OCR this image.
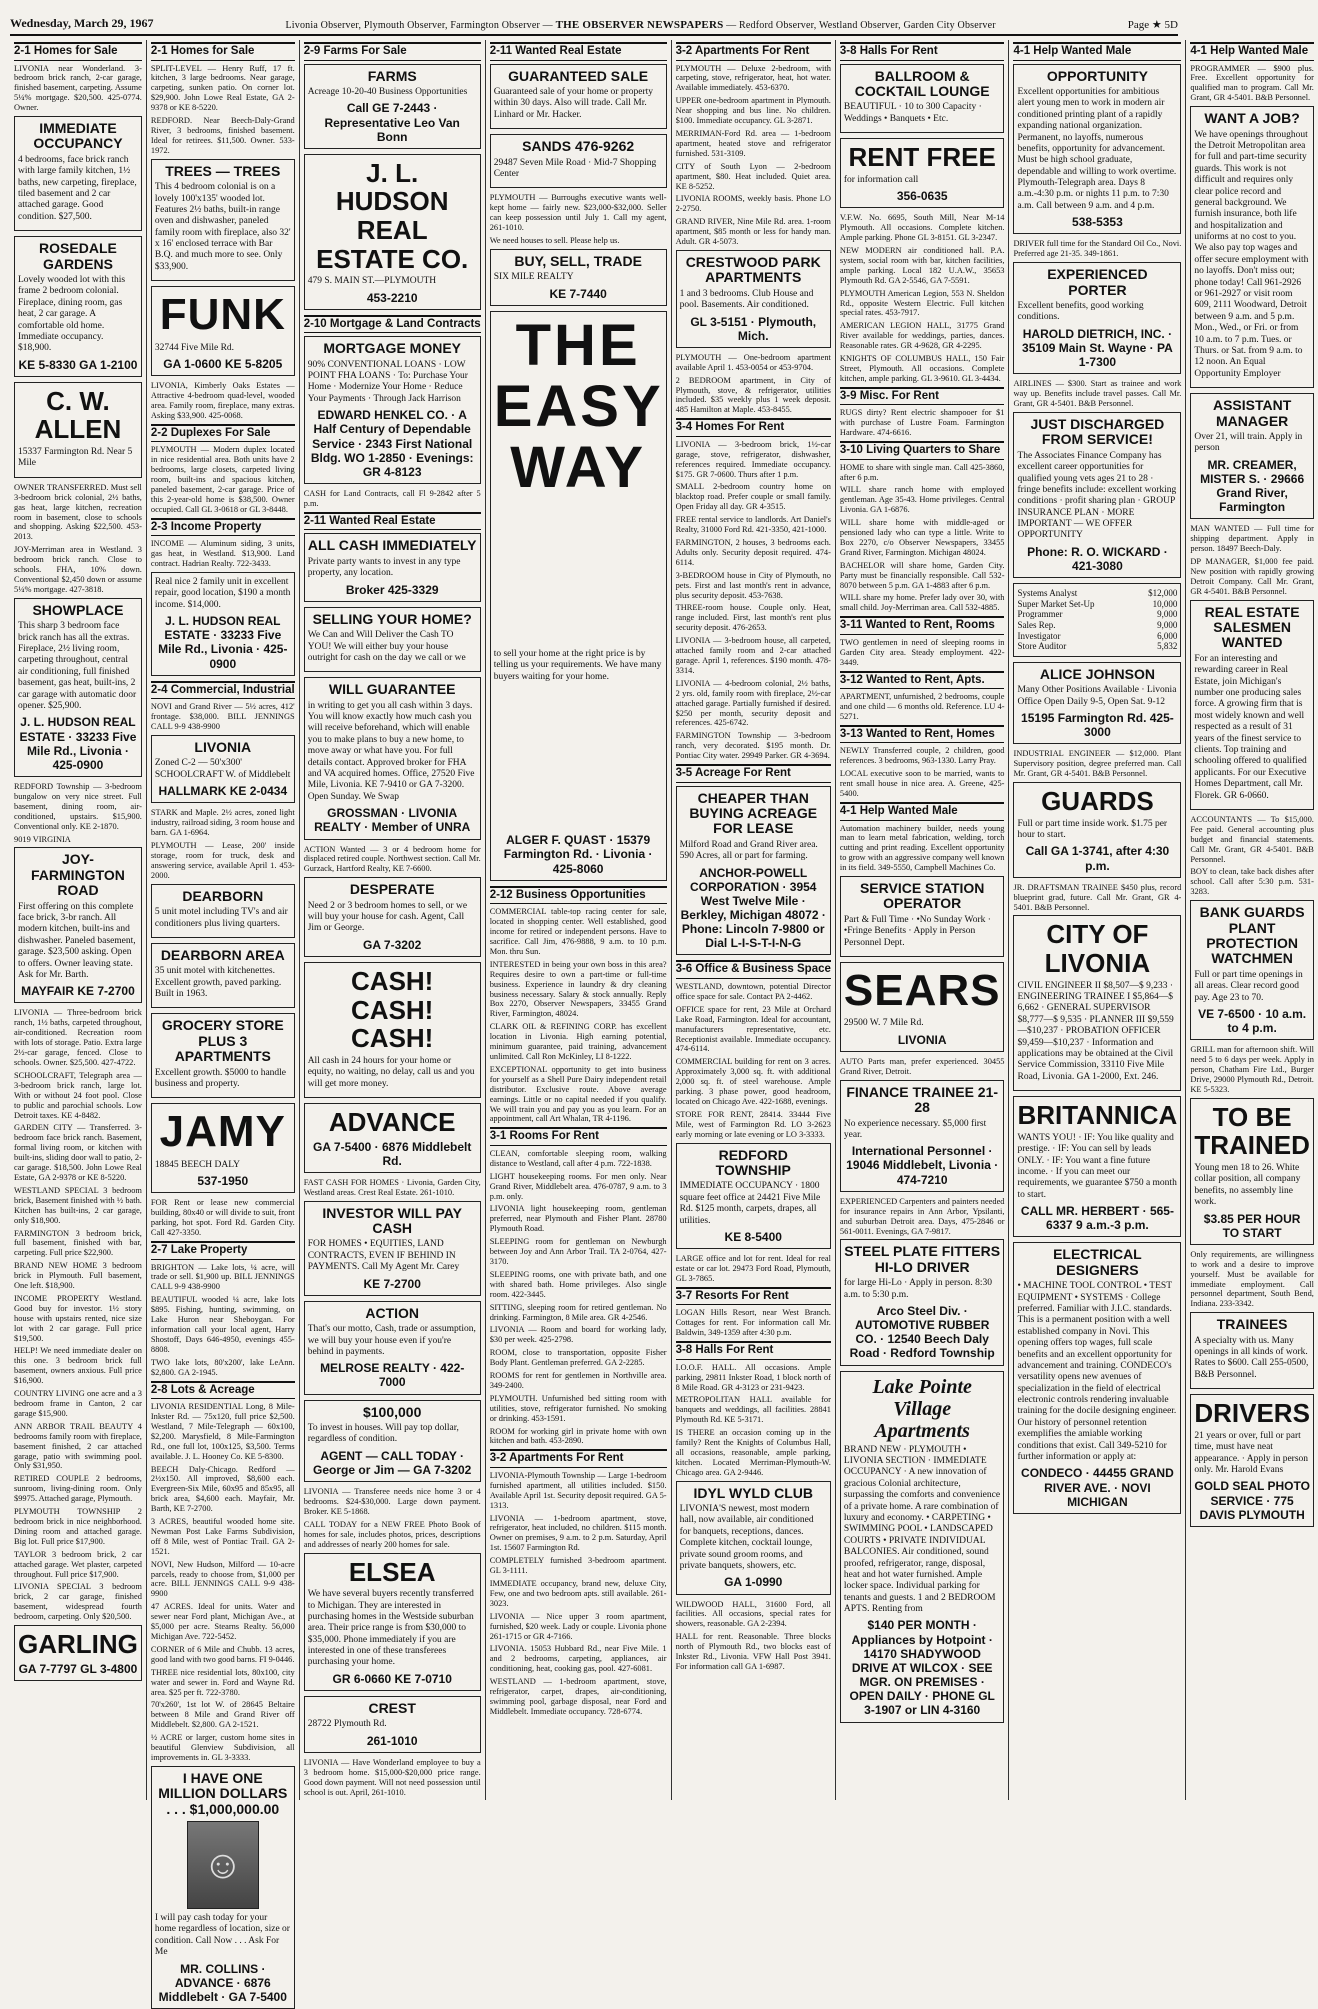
Wednesday, March 29, 1967	Livonia Observer, Plymouth Observer, Farmington Observer — THE OBSERVER NEWSPAPERS — Redford Observer, Westland Observer, Garden City Observer	Page ★ 5D
2-1 Homes for Sale

LIVONIA near Wonderland. 3-bedroom brick ranch, 2-car garage, finished basement, carpeting. Assume 5¼% mortgage. $20,500. 425-0774. Owner.

IMMEDIATE OCCUPANCY
4 bedrooms, face brick ranch with large family kitchen, 1½ baths, new carpeting, fireplace, tiled basement and 2 car attached garage. Good condition. $27,500.
ROSEDALE GARDENS
Lovely wooded lot with this frame 2 bedroom colonial. Fireplace, dining room, gas heat, 2 car garage. A comfortable old home. Immediate occupancy. $18,900.
KE 5-8330 GA 1-2100
C. W. ALLEN
15337 Farmington Rd. Near 5 Mile

OWNER TRANSFERRED. Must sell 3-bedroom brick colonial, 2½ baths, gas heat, large kitchen, recreation room in basement, close to schools and shopping. Asking $22,500. 453-2013.

JOY-Merriman area in Westland. 3 bedroom brick ranch. Close to schools. FHA, 10% down. Conventional $2,450 down or assume 5¼% mortgage. 427-3818.

SHOWPLACE
This sharp 3 bedroom face brick ranch has all the extras. Fireplace, 2½ living room, carpeting throughout, central air conditioning, full finished basement, gas heat, built-ins, 2 car garage with automatic door opener. $25,900.
J. L. HUDSON REAL ESTATE · 33233 Five Mile Rd., Livonia · 425-0900

REDFORD Township — 3-bedroom bungalow on very nice street. Full basement, dining room, air-conditioned, upstairs. $15,900. Conventional only. KE 2-1870.

9019 VIRGINIA

JOY-FARMINGTON ROAD
First offering on this complete face brick, 3-br ranch. All modern kitchen, built-ins and dishwasher. Paneled basement, garage. $23,500 asking. Open to offers. Owner leaving state. Ask for Mr. Barth.
MAYFAIR KE 7-2700

LIVONIA — Three-bedroom brick ranch, 1½ baths, carpeted throughout, air-conditioned. Recreation room with lots of storage. Patio. Extra large 2½-car garage, fenced. Close to schools. Owner. $25,500. 427-4722.

SCHOOLCRAFT, Telegraph area — 3-bedroom brick ranch, large lot. With or without 24 foot pool. Close to public and parochial schools. Low Detroit taxes. KE 4-8482.

GARDEN CITY — Transferred. 3-bedroom face brick ranch. Basement, formal living room, or kitchen with built-ins, sliding door wall to patio, 2-car garage. $18,500. John Lowe Real Estate, GA 2-9378 or KE 8-5220.

WESTLAND SPECIAL 3 bedroom brick, Basement finished with ½ bath. Kitchen has built-ins, 2 car garage, only $18,900.

FARMINGTON 3 bedroom brick, full basement, finished with bar, carpeting. Full price $22,900.

BRAND NEW HOME 3 bedroom brick in Plymouth. Full basement, One left. $18,900.

INCOME PROPERTY Westland. Good buy for investor. 1½ story house with upstairs rented, nice size lot with 2 car garage. Full price $19,500.

HELP! We need immediate dealer on this one. 3 bedroom brick full basement, owners anxious. Full price $16,900.

COUNTRY LIVING one acre and a 3 bedroom frame in Canton, 2 car garage $15,900.

ANN ARBOR TRAIL BEAUTY 4 bedrooms family room with fireplace, basement finished, 2 car attached garage, patio with swimming pool. Only $31,950.

RETIRED COUPLE 2 bedrooms, sunroom, living-dining room. Only $9975. Attached garage, Plymouth.

PLYMOUTH TOWNSHIP 2 bedroom brick in nice neighborhood. Dining room and attached garage. Big lot. Full price $17,900.

TAYLOR 3 bedroom brick, 2 car attached garage. Wet plaster, carpeted throughout. Full price $17,900.

LIVONIA SPECIAL 3 bedroom brick, 2 car garage, finished basement, widespread fourth bedroom, carpeting. Only $20,500.

GARLING
GA 7-7797 GL 3-4800
2-1 Homes for Sale

SPLIT-LEVEL — Henry Ruff, 17 ft. kitchen, 3 large bedrooms. Near garage, carpeting, sunken patio. On corner lot. $29,900. John Lowe Real Estate, GA 2-9378 or KE 8-5220.

REDFORD. Near Beech-Daly-Grand River, 3 bedrooms, finished basement. Ideal for retirees. $11,500. Owner. 533-1972.

TREES — TREES
This 4 bedroom colonial is on a lovely 100'x135' wooded lot. Features 2½ baths, built-in range oven and dishwasher, paneled family room with fireplace, also 32' x 16' enclosed terrace with Bar B.Q. and much more to see. Only $33,900.
FUNK
32744 Five Mile Rd.
GA 1-0600 KE 5-8205

LIVONIA, Kimberly Oaks Estates — Attractive 4-bedroom quad-level, wooded area. Family room, fireplace, many extras. Asking $33,900. 425-0068.

2-2 Duplexes For Sale

PLYMOUTH — Modern duplex located in nice residential area. Both units have 2 bedrooms, large closets, carpeted living room, built-ins and spacious kitchen, paneled basement, 2-car garage. Price of this 2-year-old home is $38,500. Owner occupied. Call GL 3-0618 or GL 3-8448.

2-3 Income Property

INCOME — Aluminum siding, 3 units, gas heat, in Westland. $13,900. Land contract. Hadrian Realty. 722-3433.

Real nice 2 family unit in excellent repair, good location, $190 a month income. $14,000.
J. L. HUDSON REAL ESTATE · 33233 Five Mile Rd., Livonia · 425-0900
2-4 Commercial, Industrial

NOVI and Grand River — 5½ acres, 412' frontage. $38,000. BILL JENNINGS CALL 9-9 438-9900

LIVONIA
Zoned C-2 — 50'x300' SCHOOLCRAFT W. of Middlebelt
HALLMARK KE 2-0434

STARK and Maple. 2½ acres, zoned light industry, railroad siding, 3 room house and barn. GA 1-6964.

PLYMOUTH — Lease, 200' inside storage, room for truck, desk and answering service, available April 1. 453-2000.

DEARBORN
5 unit motel including TV's and air conditioners plus living quarters.
DEARBORN AREA
35 unit motel with kitchenettes. Excellent growth, paved parking. Built in 1963.
GROCERY STORE PLUS 3 APARTMENTS
Excellent growth. $5000 to handle business and property.
JAMY
18845 BEECH DALY
537-1950

FOR Rent or lease new commercial building, 80x40 or will divide to suit, front parking, hot spot. Ford Rd. Garden City. Call 427-3350.

2-7 Lake Property

BRIGHTON — Lake lots, ¼ acre, will trade or sell. $1,900 up. BILL JENNINGS CALL 9-9 438-9900

BEAUTIFUL wooded ¼ acre, lake lots $895. Fishing, hunting, swimming, on Lake Huron near Sheboygan. For information call your local agent, Harry Shostoff, Days 646-4950, evenings 455-8808.

TWO lake lots, 80'x200', lake LeAnn. $2,800. GA 2-1945.

2-8 Lots & Acreage

LIVONIA RESIDENTIAL Long, 8 Mile-Inkster Rd. — 75x120, full price $2,500. Westland, 7 Mile-Telegraph — 60x100, $2,200. Marysfield, 8 Mile-Farmington Rd., one full lot, 100x125, $3,500. Terms available. J. L. Hooney Co. KE 5-8300.

BEECH Daly-Chicago. Redford — 2½x150. All improved, $8,600 each. Evergreen-Six Mile, 60x95 and 85x95, all brick area, $4,600 each. Mayfair, Mr. Barth, KE 7-2700.

3 ACRES, beautiful wooded home site. Newman Post Lake Farms Subdivision, off 8 Mile, west of Pontiac Trail. GA 2-1521.

NOVI, New Hudson, Milford — 10-acre parcels, ready to choose from, $1,000 per acre. BILL JENNINGS CALL 9-9 438-9900

47 ACRES. Ideal for units. Water and sewer near Ford plant, Michigan Ave., at $5,000 per acre. Stearns Realty. 56,000 Michigan Ave. 722-5452.

CORNER of 6 Mile and Chubb. 13 acres, good land with two good barns. FI 9-0446.

THREE nice residential lots, 80x100, city water and sewer in. Ford and Wayne Rd. area. $25 per ft. 722-3780.

70'x260', 1st lot W. of 28645 Beltaire between 8 Mile and Grand River off Middlebelt. $2,800. GA 2-1521.

½ ACRE or larger, custom home sites in beautiful Glenview Subdivision, all improvements in. GL 3-3333.

I HAVE ONE MILLION DOLLARS . . . $1,000,000.00
☺
I will pay cash today for your home regardless of location, size or condition. Call Now . . . Ask For Me
MR. COLLINS · ADVANCE · 6876 Middlebelt · GA 7-5400
2-9 Farms For Sale
FARMS
Acreage 10-20-40 Business Opportunities
Call GE 7-2443 · Representative Leo Van Bonn
J. L. HUDSON REAL ESTATE CO.
479 S. MAIN ST.—PLYMOUTH
453-2210
2-10 Mortgage & Land Contracts
MORTGAGE MONEY
90% CONVENTIONAL LOANS · LOW POINT FHA LOANS · To: Purchase Your Home · Modernize Your Home · Reduce Your Payments · Through Jack Harrison
EDWARD HENKEL CO. · A Half Century of Dependable Service · 2343 First National Bldg. WO 1-2850 · Evenings: GR 4-8123

CASH for Land Contracts, call Fl 9-2842 after 5 p.m.

2-11 Wanted Real Estate
ALL CASH IMMEDIATELY
Private party wants to invest in any type property, any location.
Broker 425-3329
SELLING YOUR HOME?
We Can and Will Deliver the Cash TO YOU! We will either buy your house outright for cash on the day we call or we
WILL GUARANTEE
in writing to get you all cash within 3 days. You will know exactly how much cash you will receive beforehand, which will enable you to make plans to buy a new home, to move away or what have you. For full details contact. Approved broker for FHA and VA acquired homes. Office, 27520 Five Mile, Livonia. KE 7-9410 or GA 7-3200. Open Sunday. We Swap
GROSSMAN · LIVONIA REALTY · Member of UNRA

ACTION Wanted — 3 or 4 bedroom home for displaced retired couple. Northwest section. Call Mr. Gurzack, Hartford Realty, KE 7-6600.

DESPERATE
Need 2 or 3 bedroom homes to sell, or we will buy your house for cash. Agent, Call Jim or George.
GA 7-3202
CASH! CASH! CASH!
All cash in 24 hours for your home or equity, no waiting, no delay, call us and you will get more money.
ADVANCE
GA 7-5400 · 6876 Middlebelt Rd.

FAST CASH FOR HOMES · Livonia, Garden City, Westland areas. Crest Real Estate. 261-1010.

INVESTOR WILL PAY CASH
FOR HOMES • EQUITIES, LAND CONTRACTS, EVEN IF BEHIND IN PAYMENTS. Call My Agent Mr. Carey
KE 7-2700
ACTION
That's our motto, Cash, trade or assumption, we will buy your house even if you're behind in payments.
MELROSE REALTY · 422-7000
$100,000
To invest in houses. Will pay top dollar, regardless of condition.
AGENT — CALL TODAY · George or Jim — GA 7-3202

LIVONIA — Transferee needs nice home 3 or 4 bedrooms. $24-$30,000. Large down payment. Broker. KE 5-1868.

CALL TODAY for a NEW FREE Photo Book of homes for sale, includes photos, prices, descriptions and addresses of nearly 200 homes for sale.

ELSEA
We have several buyers recently transferred to Michigan. They are interested in purchasing homes in the Westside suburban area. Their price range is from $30,000 to $35,000. Phone immediately if you are interested in one of these transferees purchasing your home.
GR 6-0660 KE 7-0710
CREST
28722 Plymouth Rd.
261-1010

LIVONIA — Have Wonderland employee to buy a 3 bedroom home. $15,000-$20,000 price range. Good down payment. Will not need possession until school is out. April, 261-1010.

2-11 Wanted Real Estate
GUARANTEED SALE
Guaranteed sale of your home or property within 30 days. Also will trade. Call Mr. Linhard or Mr. Hacker.
SANDS 476-9262
29487 Seven Mile Road · Mid-7 Shopping Center

PLYMOUTH — Burroughs executive wants well-kept home — fairly new. $23,000-$32,000. Seller can keep possession until July 1. Call my agent, 261-1010.

We need houses to sell. Please help us.

BUY, SELL, TRADE
SIX MILE REALTY
KE 7-7440
THE EASY WAY
to sell your home at the right price is by telling us your requirements. We have many buyers waiting for your home.
ALGER F. QUAST · 15379 Farmington Rd. · Livonia · 425-8060
2-12 Business Opportunities

COMMERCIAL table-top racing center for sale, located in shopping center. Well established, good income for retired or independent persons. Have to sacrifice. Call Jim, 476-9888, 9 a.m. to 10 p.m. Mon. thru Sun.

INTERESTED in being your own boss in this area? Requires desire to own a part-time or full-time business. Experience in laundry & dry cleaning business necessary. Salary & stock annually. Reply Box 2270, Observer Newspapers, 33455 Grand River, Farmington, 48024.

CLARK OIL & REFINING CORP. has excellent location in Livonia. High earning potential, minimum guarantee, paid training, advancement unlimited. Call Ron McKinley, LI 8-1222.

EXCEPTIONAL opportunity to get into business for yourself as a Shell Pure Dairy independent retail distributor. Exclusive route. Above average earnings. Little or no capital needed if you qualify. We will train you and pay you as you learn. For an appointment, call Art Whalan, TR 4-1196.

3-1 Rooms For Rent

CLEAN, comfortable sleeping room, walking distance to Westland, call after 4 p.m. 722-1838.

LIGHT housekeeping rooms. For men only. Near Grand River, Middlebelt area. 476-0787, 9 a.m. to 3 p.m. only.

LIVONIA light housekeeping room, gentleman preferred, near Plymouth and Fisher Plant. 28780 Plymouth Road.

SLEEPING room for gentleman on Newburgh between Joy and Ann Arbor Trail. TA 2-0764, 427-3170.

SLEEPING rooms, one with private bath, and one with shared bath. Home privileges. Also single room. 422-3445.

SITTING, sleeping room for retired gentleman. No drinking. Farmington, 8 Mile area. GR 4-2546.

LIVONIA — Room and board for working lady, $30 per week. 425-2798.

ROOM, close to transportation, opposite Fisher Body Plant. Gentleman preferred. GA 2-2285.

ROOMS for rent for gentlemen in Northville area. 349-2400.

PLYMOUTH. Unfurnished bed sitting room with utilities, stove, refrigerator furnished. No smoking or drinking. 453-1591.

ROOM for working girl in private home with own kitchen and bath. 453-2890.

3-2 Apartments For Rent

LIVONIA-Plymouth Township — Large 1-bedroom furnished apartment, all utilities included. $150. Available April 1st. Security deposit required. GA 5-1313.

LIVONIA — 1-bedroom apartment, stove, refrigerator, heat included, no children. $115 month. Owner on premises, 9 a.m. to 2 p.m. Saturday, April 1st. 15607 Farmington Rd.

COMPLETELY furnished 3-bedroom apartment. GL 3-1111.

IMMEDIATE occupancy, brand new, deluxe City, Few, one and two bedroom apts. still available. 261-3023.

LIVONIA — Nice upper 3 room apartment, furnished, $20 week. Lady or couple. Livonia phone 261-1715 or GR 4-7166.

LIVONIA. 15053 Hubbard Rd., near Five Mile. 1 and 2 bedrooms, carpeting, appliances, air conditioning, heat, cooking gas, pool. 427-6081.

WESTLAND — 1-bedroom apartment, stove, refrigerator, carpet, drapes, air-conditioning, swimming pool, garbage disposal, near Ford and Middlebelt. Immediate occupancy. 728-6774.

3-2 Apartments For Rent

PLYMOUTH — Deluxe 2-bedroom, with carpeting, stove, refrigerator, heat, hot water. Available immediately. 453-6370.

UPPER one-bedroom apartment in Plymouth. Near shopping and bus line. No children. $100. Immediate occupancy. GL 3-2871.

MERRIMAN-Ford Rd. area — 1-bedroom apartment, heated stove and refrigerator furnished. 531-3109.

CITY of South Lyon — 2-bedroom apartment, $80. Heat included. Quiet area. KE 8-5252.

LIVONIA ROOMS, weekly basis. Phone LO 2-2750.

GRAND RIVER, Nine Mile Rd. area. 1-room apartment, $85 month or less for handy man. Adult. GR 4-5073.

CRESTWOOD PARK APARTMENTS
1 and 3 bedrooms. Club House and pool. Basements. Air conditioned.
GL 3-5151 · Plymouth, Mich.

PLYMOUTH — One-bedroom apartment available April 1. 453-0054 or 453-9704.

2 BEDROOM apartment, in City of Plymouth, stove, & refrigerator, utilities included. $35 weekly plus 1 week deposit. 485 Hamilton at Maple. 453-8455.

3-4 Homes For Rent

LIVONIA — 3-bedroom brick, 1½-car garage, stove, refrigerator, dishwasher, references required. Immediate occupancy. $175. GR 7-0600. Thurs after 1 p.m.

SMALL 2-bedroom country home on blacktop road. Prefer couple or small family. Open Friday all day. GR 4-3515.

FREE rental service to landlords. Art Daniel's Realty, 31000 Ford Rd. 421-3350, 421-1000.

FARMINGTON, 2 houses, 3 bedrooms each. Adults only. Security deposit required. 474-6114.

3-BEDROOM house in City of Plymouth, no pets. First and last month's rent in advance, plus security deposit. 453-7638.

THREE-room house. Couple only. Heat, range included. First, last month's rent plus security deposit. 476-2653.

LIVONIA — 3-bedroom house, all carpeted, attached family room and 2-car attached garage. April 1, references. $190 month. 478-3314.

LIVONIA — 4-bedroom colonial, 2½ baths, 2 yrs. old, family room with fireplace, 2½-car attached garage. Partially furnished if desired. $250 per month, security deposit and references. 425-6742.

FARMINGTON Township — 3-bedroom ranch, very decorated. $195 month. Dr. Pontiac City water. 29949 Parker. GR 4-3694.

3-5 Acreage For Rent
CHEAPER THAN BUYING ACREAGE FOR LEASE
Milford Road and Grand River area. 590 Acres, all or part for farming.
ANCHOR-POWELL CORPORATION · 3954 West Twelve Mile · Berkley, Michigan 48072 · Phone: Lincoln 7-9800 or Dial L-I-S-T-I-N-G
3-6 Office & Business Space

WESTLAND, downtown, potential Director office space for sale. Contact PA 2-4462.

OFFICE space for rent, 23 Mile at Orchard Lake Road, Farmington. Ideal for accountant, manufacturers representative, etc. Receptionist available. Immediate occupancy. 474-6114.

COMMERCIAL building for rent on 3 acres. Approximately 3,000 sq. ft. with additional 2,000 sq. ft. of steel warehouse. Ample parking. 3 phase power, good headroom, located on Chicago Ave. 422-1688, evenings.

STORE FOR RENT, 28414. 33444 Five Mile, west of Farmington Rd. LO 3-2623 early morning or late evening or LO 3-3333.

REDFORD TOWNSHIP
IMMEDIATE OCCUPANCY · 1800 square feet office at 24421 Five Mile Rd. $125 month, carpets, drapes, all utilities.
KE 8-5400

LARGE office and lot for rent. Ideal for real estate or car lot. 29473 Ford Road, Plymouth, GL 3-7865.

3-7 Resorts For Rent

LOGAN Hills Resort, near West Branch. Cottages for rent. For information call Mr. Baldwin, 349-1359 after 4:30 p.m.

3-8 Halls For Rent

I.O.O.F. HALL. All occasions. Ample parking, 29811 Inkster Road, 1 block north of 8 Mile Road. GR 4-3123 or 231-9423.

METROPOLITAN HALL available for banquets and weddings, all facilities. 28841 Plymouth Rd. KE 5-3171.

IS THERE an occasion coming up in the family? Rent the Knights of Columbus Hall, all occasions, reasonable, ample parking, kitchen. Located Merriman-Plymouth-W. Chicago area. GA 2-9446.

IDYL WYLD CLUB
LIVONIA'S newest, most modern hall, now available, air conditioned for banquets, receptions, dances. Complete kitchen, cocktail lounge, private sound groom rooms, and private banquets, showers, etc.
GA 1-0990

WILDWOOD HALL, 31600 Ford, all facilities. All occasions, special rates for showers, reasonable. GA 2-2394.

HALL for rent. Reasonable. Three blocks north of Plymouth Rd., two blocks east of Inkster Rd., Livonia. VFW Hall Post 3941. For information call GA 1-6987.

3-8 Halls For Rent
BALLROOM & COCKTAIL LOUNGE
BEAUTIFUL · 10 to 300 Capacity · Weddings • Banquets • Etc.
RENT FREE
for information call
356-0635

V.F.W. No. 6695, South Mill, Near M-14 Plymouth. All occasions. Complete kitchen. Ample parking. Phone GL 3-8151. GL 3-2347.

NEW MODERN air conditioned hall. P.A. system, social room with bar, kitchen facilities, ample parking. Local 182 U.A.W., 35653 Plymouth Rd. GA 2-5546, GA 7-5591.

PLYMOUTH American Legion, 553 N. Sheldon Rd., opposite Western Electric. Full kitchen special rates. 453-7917.

AMERICAN LEGION HALL, 31775 Grand River available for weddings, parties, dances. Reasonable rates. GR 4-9628, GR 4-2295.

KNIGHTS OF COLUMBUS HALL, 150 Fair Street, Plymouth. All occasions. Complete kitchen, ample parking. GL 3-9610. GL 3-4434.

3-9 Misc. For Rent

RUGS dirty? Rent electric shampooer for $1 with purchase of Lustre Foam. Farmington Hardware. 474-6616.

3-10 Living Quarters to Share

HOME to share with single man. Call 425-3860, after 6 p.m.

WILL share ranch home with employed gentleman. Age 35-43. Home privileges. Central Livonia. GA 1-6876.

WILL share home with middle-aged or pensioned lady who can type a little. Write to Box 2270, c/o Observer Newspapers, 33455 Grand River, Farmington. Michigan 48024.

BACHELOR will share home, Garden City. Party must be financially responsible. Call 532-8070 between 5 p.m. GA 1-4883 after 6 p.m.

WILL share my home. Prefer lady over 30, with small child. Joy-Merriman area. Call 532-4885.

3-11 Wanted to Rent, Rooms

TWO gentlemen in need of sleeping rooms in Garden City area. Steady employment. 422-3449.

3-12 Wanted to Rent, Apts.

APARTMENT, unfurnished, 2 bedrooms, couple and one child — 6 months old. Reference. LU 4-5271.

3-13 Wanted to Rent, Homes

NEWLY Transferred couple, 2 children, good references. 3 bedrooms, 963-1330. Larry Pray.

LOCAL executive soon to be married, wants to rent small house in nice area. A. Greene, 425-5400.

4-1 Help Wanted Male

Automation machinery builder, needs young man to learn metal fabrication, welding, torch cutting and print reading. Excellent opportunity to grow with an aggressive company well known in its field. 349-5550, Campbell Machines Co.

SERVICE STATION OPERATOR
Part & Full Time · •No Sunday Work · •Fringe Benefits · Apply in Person Personnel Dept.
SEARS
29500 W. 7 Mile Rd.
LIVONIA

AUTO Parts man, prefer experienced. 30455 Grand River, Detroit.

FINANCE TRAINEE 21-28
No experience necessary. $5,000 first year.
International Personnel · 19046 Middlebelt, Livonia · 474-7210

EXPERIENCED Carpenters and painters needed for insurance repairs in Ann Arbor, Ypsilanti, and suburban Detroit area. Days, 475-2846 or 561-0011. Evenings, GA 7-9817.

STEEL PLATE FITTERS HI-LO DRIVER
for large Hi-Lo · Apply in person. 8:30 a.m. to 5:30 p.m.
Arco Steel Div. · AUTOMOTIVE RUBBER CO. · 12540 Beech Daly Road · Redford Township
Lake Pointe Village Apartments
BRAND NEW · PLYMOUTH • LIVONIA SECTION · IMMEDIATE OCCUPANCY · A new innovation of gracious Colonial architecture, surpassing the comforts and convenience of a private home. A rare combination of luxury and economy. • CARPETING • SWIMMING POOL • LANDSCAPED COURTS • PRIVATE INDIVIDUAL BALCONIES. Air conditioned, sound proofed, refrigerator, range, disposal, heat and hot water furnished. Ample locker space. Individual parking for tenants and guests. 1 and 2 BEDROOM APTS. Renting from
$140 PER MONTH · Appliances by Hotpoint · 14170 SHADYWOOD DRIVE AT WILCOX · SEE MGR. ON PREMISES · OPEN DAILY · PHONE GL 3-1907 or LIN 4-3160
4-1 Help Wanted Male
OPPORTUNITY
Excellent opportunities for ambitious alert young men to work in modern air conditioned printing plant of a rapidly expanding national organization. Permanent, no layoffs, numerous benefits, opportunity for advancement. Must be high school graduate, dependable and willing to work overtime. Plymouth-Telegraph area. Days 8 a.m.-4:30 p.m. or nights 11 p.m. to 7:30 a.m. Call between 9 a.m. and 4 p.m.
538-5353

DRIVER full time for the Standard Oil Co., Novi. Preferred age 21-35. 349-1861.

EXPERIENCED PORTER
Excellent benefits, good working conditions.
HAROLD DIETRICH, INC. · 35109 Main St. Wayne · PA 1-7300

AIRLINES — $300. Start as trainee and work way up. Benefits include travel passes. Call Mr. Grant, GR 4-5401. B&B Personnel.

JUST DISCHARGED FROM SERVICE!
The Associates Finance Company has excellent career opportunities for qualified young vets ages 21 to 28 · fringe benefits include: excellent working conditions · profit sharing plan · GROUP INSURANCE PLAN · MORE IMPORTANT — WE OFFER OPPORTUNITY
Phone: R. O. WICKARD · 421-3080
Systems Analyst	$12,000
Super Market Set-Up	10,000
Programmer	9,000
Sales Rep.	9,000
Investigator	6,000
Store Auditor	5,832
ALICE JOHNSON
Many Other Positions Available · Livonia Office Open Daily 9-5, Open Sat. 9-12
15195 Farmington Rd. 425-3000

INDUSTRIAL ENGINEER — $12,000. Plant Supervisory position, degree preferred man. Call Mr. Grant, GR 4-5401. B&B Personnel.

GUARDS
Full or part time inside work. $1.75 per hour to start.
Call GA 1-3741, after 4:30 p.m.

JR. DRAFTSMAN TRAINEE $450 plus, record blueprint grad, future. Call Mr. Grant, GR 4-5401. B&B Personnel.

CITY OF LIVONIA
CIVIL ENGINEER II $8,507—$ 9,233 · ENGINEERING TRAINEE I $5,864—$ 6,662 · GENERAL SUPERVISOR $8,777—$ 9,535 · PLANNER III $9,559—$10,237 · PROBATION OFFICER $9,459—$10,237 · Information and applications may be obtained at the Civil Service Commission, 33110 Five Mile Road, Livonia. GA 1-2000, Ext. 246.
BRITANNICA
WANTS YOU! · IF: You like quality and prestige. · IF: You can sell by leads ONLY. · IF: You want a fine future income. · If you can meet our requirements, we guarantee $750 a month to start.
CALL MR. HERBERT · 565-6337 9 a.m.-3 p.m.
ELECTRICAL DESIGNERS
• MACHINE TOOL CONTROL • TEST EQUIPMENT • SYSTEMS · College preferred. Familiar with J.I.C. standards. This is a permanent position with a well established company in Novi. This opening offers top wages, full scale benefits and an excellent opportunity for advancement and training. CONDECO's versatility opens new avenues of specialization in the field of electrical electronic controls rendering invaluable training for the docile designing engineer. Our history of personnel retention exemplifies the amiable working conditions that exist. Call 349-5210 for further information or apply at:
CONDECO · 44455 GRAND RIVER AVE. · NOVI MICHIGAN
4-1 Help Wanted Male

PROGRAMMER — $900 plus. Free. Excellent opportunity for qualified man to program. Call Mr. Grant, GR 4-5401. B&B Personnel.

WANT A JOB?
We have openings throughout the Detroit Metropolitan area for full and part-time security guards. This work is not difficult and requires only clear police record and general background. We furnish insurance, both life and hospitalization and uniforms at no cost to you. We also pay top wages and offer secure employment with no layoffs. Don't miss out; phone today! Call 961-2926 or 961-2927 or visit room 609, 2111 Woodward, Detroit between 9 a.m. and 5 p.m. Mon., Wed., or Fri. or from 10 a.m. to 7 p.m. Tues. or Thurs. or Sat. from 9 a.m. to 12 noon. An Equal Opportunity Employer
ASSISTANT MANAGER
Over 21, will train. Apply in person
MR. CREAMER, MISTER S. · 29666 Grand River, Farmington

MAN WANTED — Full time for shipping department. Apply in person. 18497 Beech-Daly.

DP MANAGER, $1,000 fee paid. New position with rapidly growing Detroit Company. Call Mr. Grant, GR 4-5401. B&B Personnel.

REAL ESTATE SALESMEN WANTED
For an interesting and rewarding career in Real Estate, join Michigan's number one producing sales force. A growing firm that is most widely known and well respected as a result of 31 years of the finest service to clients. Top training and schooling offered to qualified applicants. For our Executive Homes Department, call Mr. Florek. GR 6-0660.

ACCOUNTANTS — To $15,000. Fee paid. General accounting plus budget and financial statements. Call Mr. Grant, GR 4-5401. B&B Personnel.

BOY to clean, take back dishes after school. Call after 5:30 p.m. 531-3283.

BANK GUARDS PLANT PROTECTION WATCHMEN
Full or part time openings in all areas. Clear record good pay. Age 23 to 70.
VE 7-6500 · 10 a.m. to 4 p.m.

GRILL man for afternoon shift. Will need 5 to 6 days per week. Apply in person, Chatham Fire Ltd., Burger Drive, 29000 Plymouth Rd., Detroit. KE 5-5323.

TO BE TRAINED
Young men 18 to 26. White collar position, all company benefits, no assembly line work.
$3.85 PER HOUR TO START

Only requirements, are willingness to work and a desire to improve yourself. Must be available for immediate employment. Call personnel department, South Bend, Indiana. 233-3342.

TRAINEES
A specialty with us. Many openings in all kinds of work. Rates to $600. Call 255-0500, B&B Personnel.
DRIVERS
21 years or over, full or part time, must have neat appearance. · Apply in person only. Mr. Harold Evans
GOLD SEAL PHOTO SERVICE · 775 DAVIS PLYMOUTH
